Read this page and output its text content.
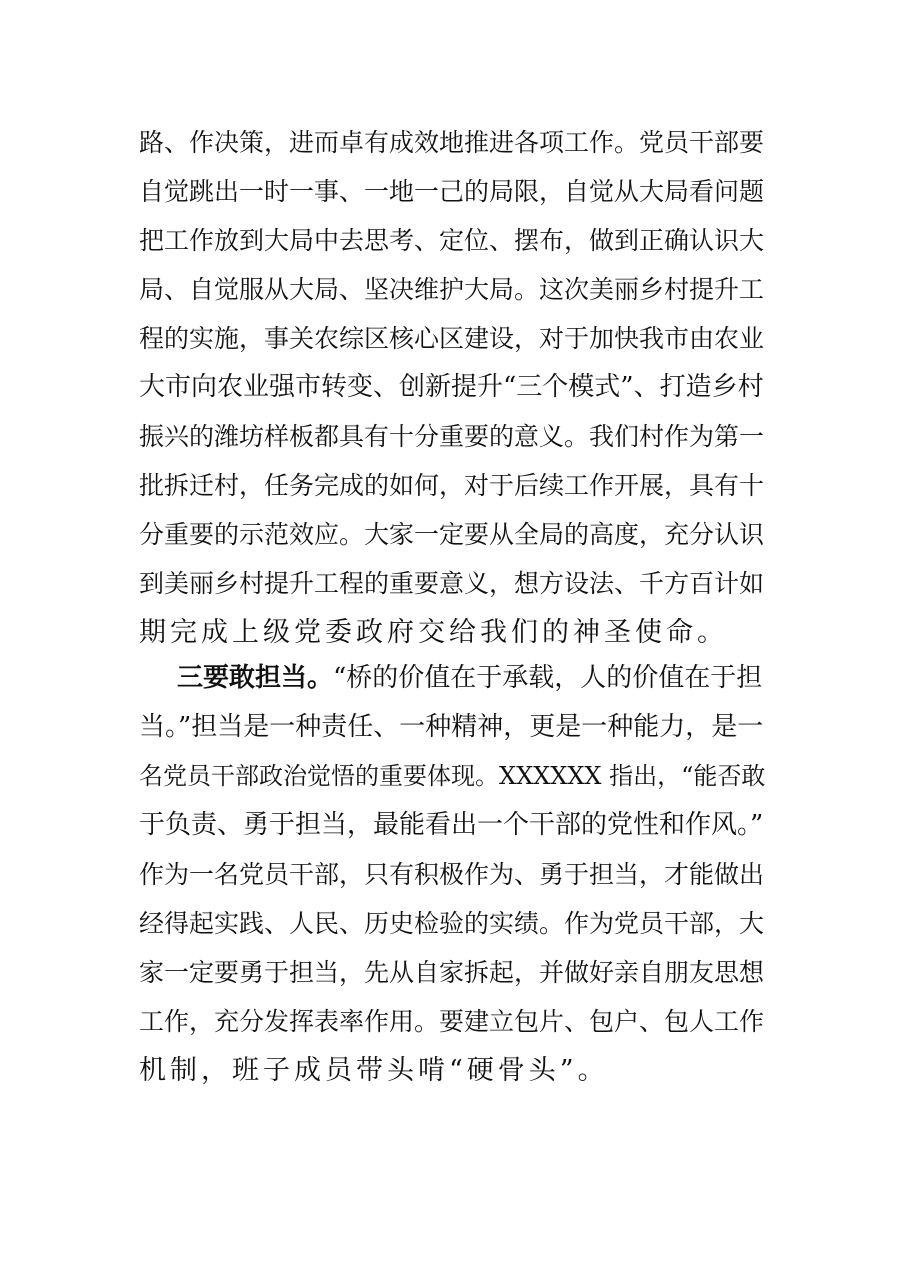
路、作决策，进而卓有成效地推进各项工作。党员干部要
自觉跳出一时一事、一地一己的局限，自觉从大局看问题
把工作放到大局中去思考、定位、摆布，做到正确认识大
局、自觉服从大局、坚决维护大局。这次美丽乡村提升工
程的实施，事关农综区核心区建设，对于加快我市由农业
大市向农业强市转变、创新提升“三个模式”、打造乡村
振兴的潍坊样板都具有十分重要的意义。我们村作为第一
批拆迁村，任务完成的如何，对于后续工作开展，具有十
分重要的示范效应。大家一定要从全局的高度，充分认识
到美丽乡村提升工程的重要意义，想方设法、千方百计如
期完成上级党委政府交给我们的神圣使命。
三要敢担当。“桥的价值在于承载，人的价值在于担
当。”担当是一种责任、一种精神，更是一种能力，是一
名党员干部政治觉悟的重要体现。XXXXXX 指出，“能否敢
于负责、勇于担当，最能看出一个干部的党性和作风。”
作为一名党员干部，只有积极作为、勇于担当，才能做出
经得起实践、人民、历史检验的实绩。作为党员干部，大
家一定要勇于担当，先从自家拆起，并做好亲自朋友思想
工作，充分发挥表率作用。要建立包片、包户、包人工作
机制，班子成员带头啃“硬骨头”。
